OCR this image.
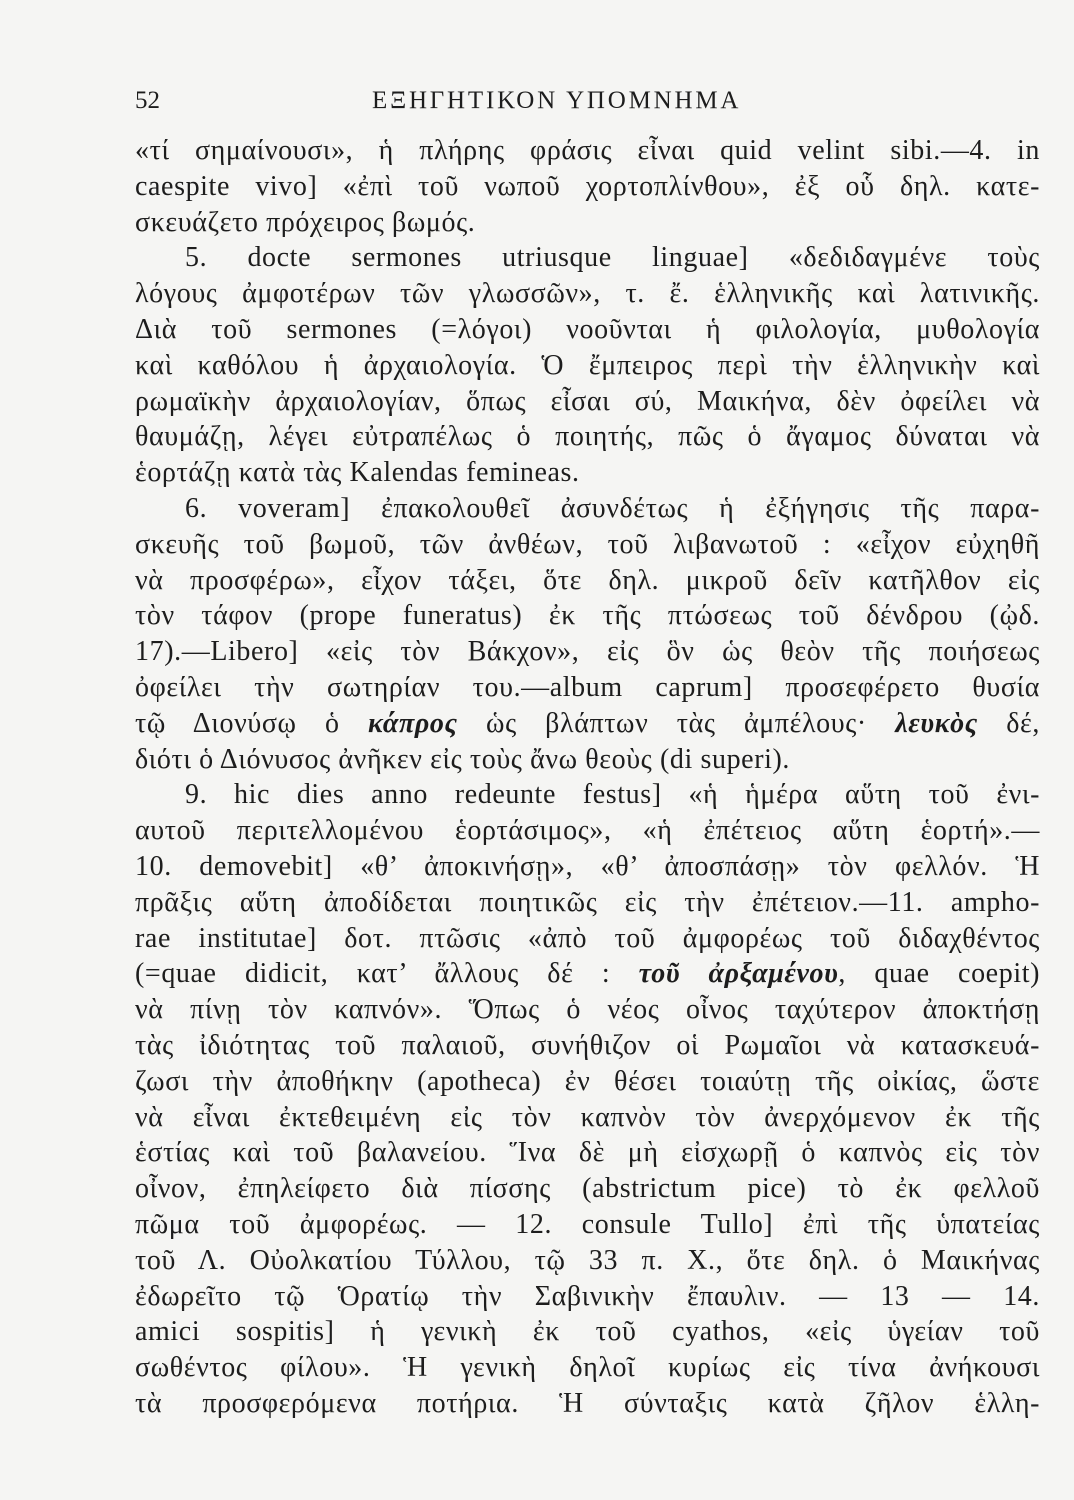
52	ΕΞΗΓΗΤΙΚΟΝ ΥΠΟΜΝΗΜΑ
«τί σημαίνουσι», ἡ πλήρης φράσις εἶναι quid velint sibi.—4. in
caespite vivo] «ἐπὶ τοῦ νωποῦ χορτοπλίνθου», ἐξ οὗ δηλ. κατε-
σκευάζετο πρόχειρος βωμός.
5. docte sermones utriusque linguae] «δεδιδαγμένε τοὺς
λόγους ἀμφοτέρων τῶν γλωσσῶν», τ. ἔ. ἑλληνικῆς καὶ λατινικῆς.
Διὰ τοῦ sermones (=λόγοι) νοοῦνται ἡ φιλολογία, μυθολογία
καὶ καθόλου ἡ ἀρχαιολογία. Ὁ ἔμπειρος περὶ τὴν ἑλληνικὴν καὶ
ρωμαϊκὴν ἀρχαιολογίαν, ὅπως εἶσαι σύ, Μαικήνα, δὲν ὀφείλει νὰ
θαυμάζῃ, λέγει εὐτραπέλως ὁ ποιητής, πῶς ὁ ἄγαμος δύναται νὰ
ἑορτάζῃ κατὰ τὰς Kalendas femineas.
6. voveram] ἐπακολουθεῖ ἀσυνδέτως ἡ ἐξήγησις τῆς παρα-
σκευῆς τοῦ βωμοῦ, τῶν ἀνθέων, τοῦ λιβανωτοῦ : «εἶχον εὐχηθῆ
νὰ προσφέρω», εἶχον τάξει, ὅτε δηλ. μικροῦ δεῖν κατῆλθον εἰς
τὸν τάφον (prope funeratus) ἐκ τῆς πτώσεως τοῦ δένδρου (ᾠδ.
17).—Libero] «εἰς τὸν Βάκχον», εἰς ὃν ὡς θεὸν τῆς ποιήσεως
ὀφείλει τὴν σωτηρίαν του.—album caprum] προσεφέρετο θυσία
τῷ Διονύσῳ ὁ κάπρος ὡς βλάπτων τὰς ἀμπέλους· λευκὸς δέ,
διότι ὁ Διόνυσος ἀνῆκεν εἰς τοὺς ἄνω θεοὺς (di superi).
9. hic dies anno redeunte festus] «ἡ ἡμέρα αὕτη τοῦ ἐνι-
αυτοῦ περιτελλομένου ἑορτάσιμος», «ἡ ἐπέτειος αὕτη ἑορτή».—
10. demovebit] «θ’ ἀποκινήσῃ», «θ’ ἀποσπάσῃ» τὸν φελλόν. Ἡ
πρᾶξις αὕτη ἀποδίδεται ποιητικῶς εἰς τὴν ἐπέτειον.—11. ampho-
rae institutae] δοτ. πτῶσις «ἀπὸ τοῦ ἀμφορέως τοῦ διδαχθέντος
(=quae didicit, κατ’ ἄλλους δέ : τοῦ ἀρξαμένου, quae coepit)
νὰ πίνῃ τὸν καπνόν». Ὅπως ὁ νέος οἶνος ταχύτερον ἀποκτήσῃ
τὰς ἰδιότητας τοῦ παλαιοῦ, συνήθιζον οἱ Ρωμαῖοι νὰ κατασκευά-
ζωσι τὴν ἀποθήκην (apotheca) ἐν θέσει τοιαύτῃ τῆς οἰκίας, ὥστε
νὰ εἶναι ἐκτεθειμένη εἰς τὸν καπνὸν τὸν ἀνερχόμενον ἐκ τῆς
ἑστίας καὶ τοῦ βαλανείου. Ἵνα δὲ μὴ εἰσχωρῇ ὁ καπνὸς εἰς τὸν
οἶνον, ἐπηλείφετο διὰ πίσσης (abstrictum pice) τὸ ἐκ φελλοῦ
πῶμα τοῦ ἀμφορέως. — 12. consule Tullo] ἐπὶ τῆς ὑπατείας
τοῦ Λ. Οὐολκατίου Τύλλου, τῷ 33 π. Χ., ὅτε δηλ. ὁ Μαικήνας
ἐδωρεῖτο τῷ Ὁρατίῳ τὴν Σαβινικὴν ἔπαυλιν. — 13 — 14.
amici sospitis] ἡ γενικὴ ἐκ τοῦ cyathos, «εἰς ὑγείαν τοῦ
σωθέντος φίλου». Ἡ γενικὴ δηλοῖ κυρίως εἰς τίνα ἀνήκουσι
τὰ προσφερόμενα ποτήρια. Ἡ σύνταξις κατὰ ζῆλον ἑλλη-
